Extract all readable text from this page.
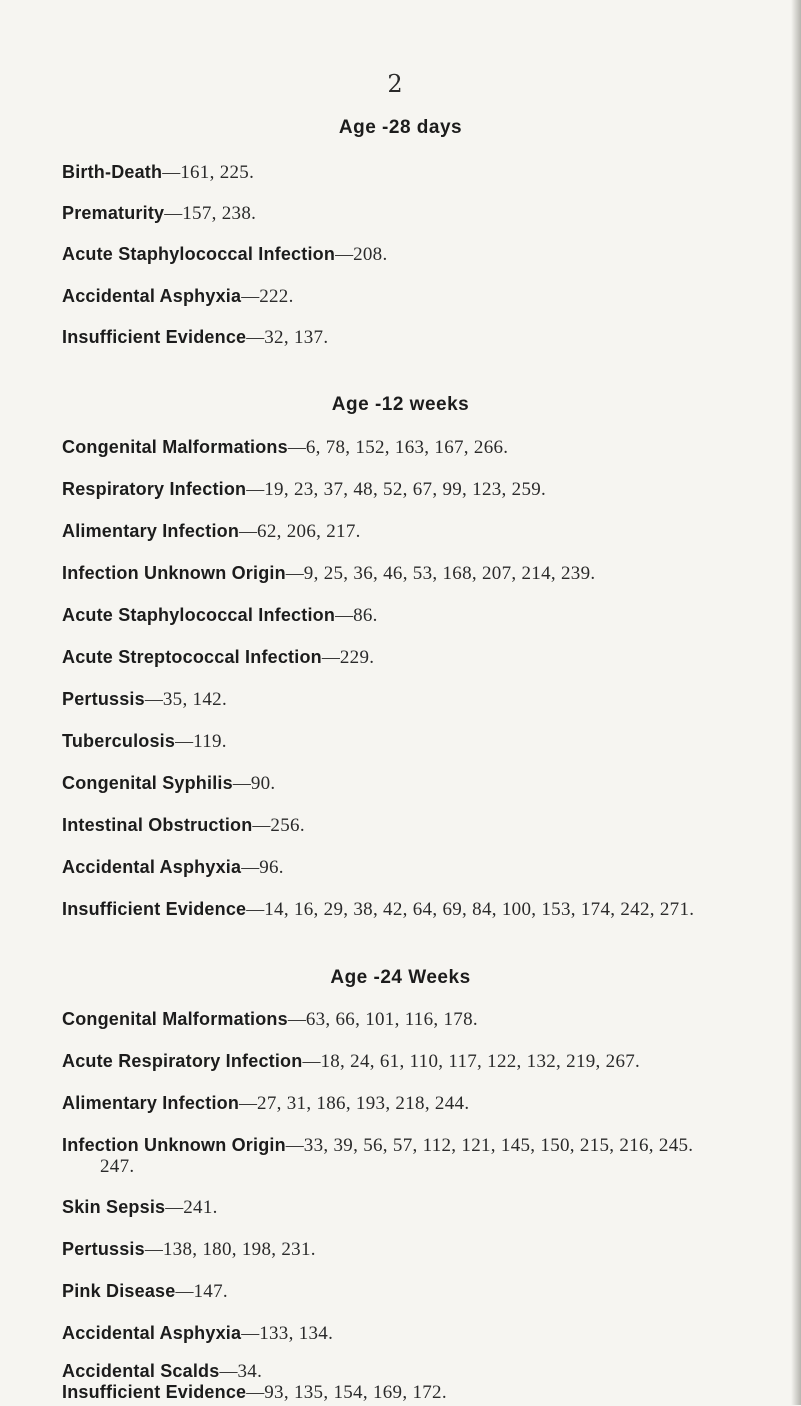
2
Age -28 days
Birth-Death—161, 225.
Prematurity—157, 238.
Acute Staphylococcal Infection—208.
Accidental Asphyxia—222.
Insufficient Evidence—32, 137.
Age -12 weeks
Congenital Malformations—6, 78, 152, 163, 167, 266.
Respiratory Infection—19, 23, 37, 48, 52, 67, 99, 123, 259.
Alimentary Infection—62, 206, 217.
Infection Unknown Origin—9, 25, 36, 46, 53, 168, 207, 214, 239.
Acute Staphylococcal Infection—86.
Acute Streptococcal Infection—229.
Pertussis—35, 142.
Tuberculosis—119.
Congenital Syphilis—90.
Intestinal Obstruction—256.
Accidental Asphyxia—96.
Insufficient Evidence—14, 16, 29, 38, 42, 64, 69, 84, 100, 153, 174, 242, 271.
Age -24 Weeks
Congenital Malformations—63, 66, 101, 116, 178.
Acute Respiratory Infection—18, 24, 61, 110, 117, 122, 132, 219, 267.
Alimentary Infection—27, 31, 186, 193, 218, 244.
Infection Unknown Origin—33, 39, 56, 57, 112, 121, 145, 150, 215, 216, 245.
247.
Skin Sepsis—241.
Pertussis—138, 180, 198, 231.
Pink Disease—147.
Accidental Asphyxia—133, 134.
Accidental Scalds—34.
Insufficient Evidence—93, 135, 154, 169, 172.
